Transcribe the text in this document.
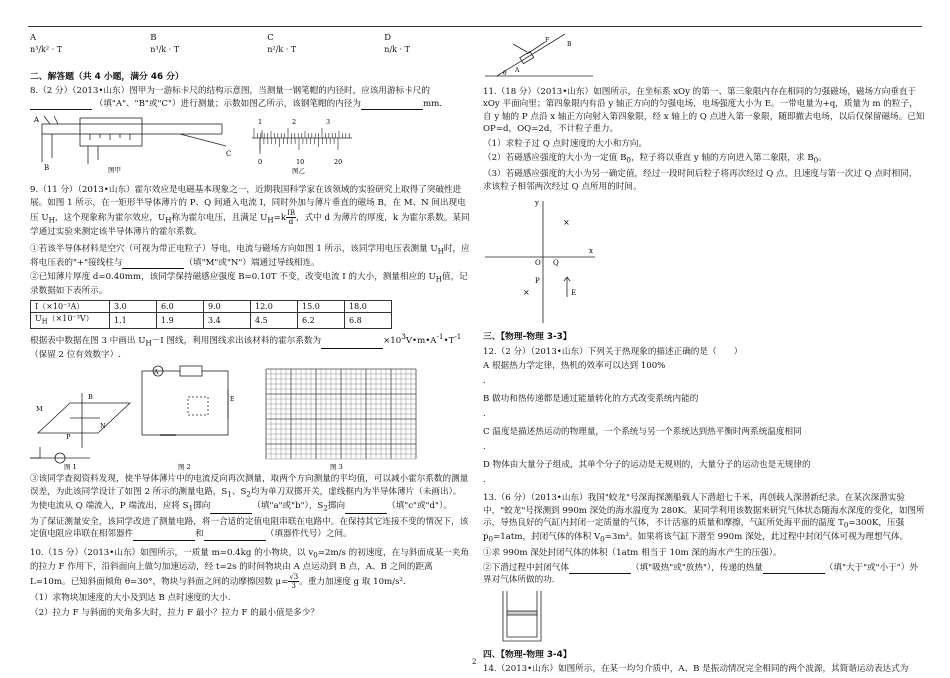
A
n³/k² · T
B
n³/k · T
C
n²/k · T
D
n/k · T
二、解答题（共 4 小题，满分 46 分）

8.（2 分）（2013•山东）图甲为一游标卡尺的结构示意图，当测量一钢笔帽的内径时，应该用游标卡尺的 （填"A"、"B"或"C"）进行测量；示数如图乙所示，该钢笔帽的内径为	mm.

A
B
C
图甲
1	2	3
0	10	20
图乙

9.（11 分）（2013•山东）霍尔效应是电磁基本现象之一，近期我国科学家在该领域的实验研究上取得了突破性进展。如图 1 所示，在一矩形半导体薄片的 P、Q 间通入电流 I，同时外加与薄片垂直的磁场 B，在 M、N 间出现电压 $U_H$，这个现象称为霍尔效应，$U_H$称为霍尔电压，且满足 $U_H=k$ IB
d ，式中 d 为薄片的厚度，k 为霍尔系数。某同学通过实验来测定该半导体薄片的霍尔系数。

①若该半导体材料是空穴（可视为带正电粒子）导电，电流与磁场方向如图 1 所示，该同学用电压表测量 $U_H$时，应将电压表的"+"接线柱与	（填"M"或"N"）端通过导线相连。

②已知薄片厚度 d=0.40mm，该同学保持磁感应强度 B=0.10T 不变，改变电流 I 的大小，测量相应的 $U_H$值，记录数据如下表所示。

I（×10⁻³A）	3.0	6.0	9.0	12.0	15.0	18.0
$U_H(\times 10^{-3}V)$	1.1	1.9	3.4	4.5	6.2	6.8

根据表中数据在图 3 中画出 $U_H-I$ 图线，利用图线求出该材料的霍尔系数为	$\times 10^3V•m•A^{-1}•T^{-1}$（保留 2 位有效数字）.

M
N
P
B
图 1
A
E
图 2	图 3

③该同学查阅资料发现，使半导体薄片中的电流反向再次测量，取两个方向测量的平均值，可以减小霍尔系数的测量误差，为此该同学设计了如图 2 所示的测量电路，$S_1$、$S_2$均为单刀双掷开关，虚线框内为半导体薄片（未画出）。为使电流从 Q 端流入，P 端流出，应将 $S_1$掷向	（填"a"或"b"），$S_2$掷向	（填"c"或"d"）。

为了保证测量安全，该同学改进了测量电路，将一合适的定值电阻串联在电路中。在保持其它连接不变的情况下，该定值电阻应串联在相邻器件	和	（填器件代号）之间。

10.（15 分）（2013•山东）如图所示，一质量 m=0.4kg 的小物块，以 $v_0=2m/s$ 的初速度，在与斜面成某一夹角的拉力 F 作用下，沿斜面向上做匀加速运动，经 t=2s 的时间物块由 A 点运动到 B 点，A、B 之间的距离 L=10m。已知斜面倾角 θ=30°，物块与斜面之间的动摩擦因数 $\mu= \frac{√3}{3}$。重力加速度 g 取 10m/s².

（1）求物块加速度的大小及到达 B 点时速度的大小.

（2）拉力 F 与斜面的夹角多大时，拉力 F 最小？拉力 F 的最小值是多少？

F
B
A
θ

11.（18 分）（2013•山东）如图所示，在坐标系 xOy 的第一、第三象限内存在相同的匀强磁场，磁场方向垂直于 xOy 平面向里；第四象限内有沿 y 轴正方向的匀强电场，电场强度大小为 E。一带电量为+q，质量为 m 的粒子，自 y 轴的 P 点沿 x 轴正方向射入第四象限，经 x 轴上的 Q 点进入第一象限，随即撤去电场，以后仅保留磁场。已知 OP=d，OQ=2d，不计粒子重力。

（1）求粒子过 Q 点时速度的大小和方向。

（2）若磁感应强度的大小为一定值 $B_0$，粒子将以垂直 y 轴的方向进入第二象限，求 $B_0$。

（3）若磁感应强度的大小为另一确定值，经过一段时间后粒子将再次经过 Q 点，且速度与第一次过 Q 点时相同，求该粒子相邻两次经过 Q 点所用的时间。

y
x
O Q
P
E
×
×
三、【物理-物理 3-3】

12.（2 分）（2013•山东）下列关于热现象的描述正确的是（　　）

A 根据热力学定律，热机的效率可以达到 100%

.

B 做功和热传递都是通过能量转化的方式改变系统内能的

.

C 温度是描述热运动的物理量，一个系统与另一个系统达到热平衡时两系统温度相同

.

D 物体由大量分子组成，其单个分子的运动是无规则的，大量分子的运动也是无规律的

.

13.（6 分）（2013•山东）我国"蛟龙"号深海探测船载人下潜超七千米，再创载人深潜新纪录。在某次深潜实验中，"蛟龙"号探测到 990m 深处的海水温度为 280K。某同学利用该数据来研究气体状态随海水深度的变化，如图所示，导热良好的气缸内封闭一定质量的气体，不计活塞的质量和摩擦，气缸所处海平面的温度 $T_0=300K$，压强 $p_0=1atm$，封闭气体的体积 $V_0=3m^2$。如果将该气缸下潜至 990m 深处，此过程中封闭气体可视为理想气体。

①求 990m 深处封闭气体的体积（1atm 相当于 10m 深的海水产生的压强）。

②下潜过程中封闭气体	（填"吸热"或"放热"），传递的热量	（填"大于"或"小于"）外界对气体所做的功.

四、【物理-物理 3-4】

14.（2013•山东）如图所示，在某一均匀介质中，A、B 是振动情况完全相同的两个波源，其简谐运动表达式为

2
